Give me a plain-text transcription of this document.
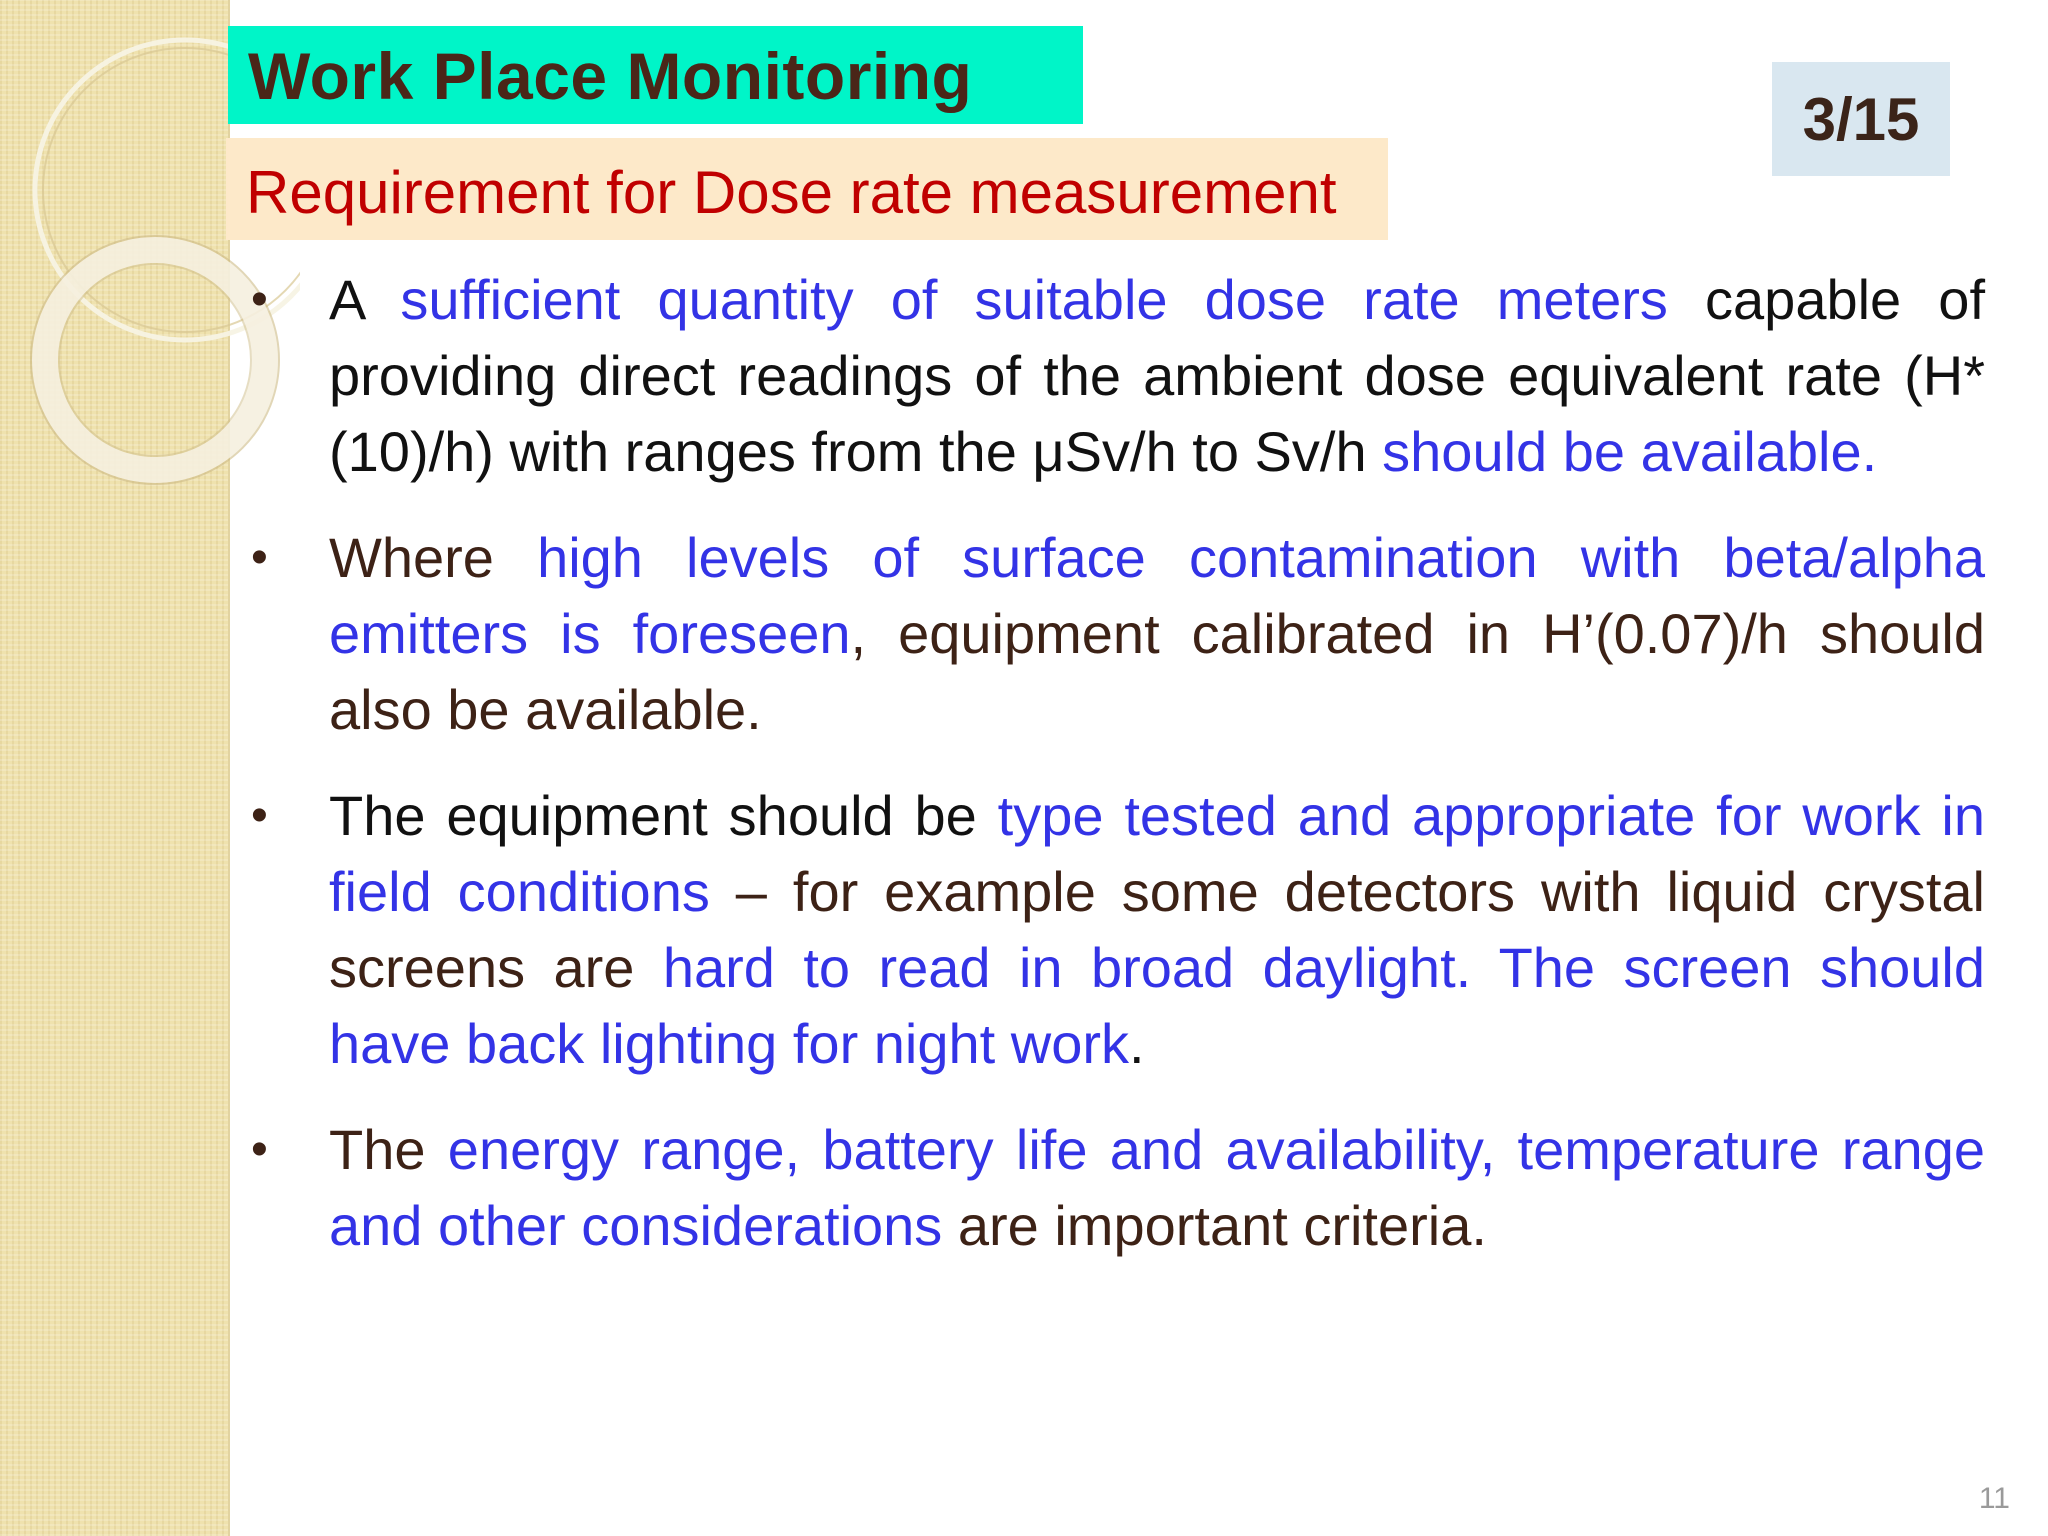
Work Place Monitoring
Requirement for Dose rate measurement
3/15
•	A sufficient quantity of suitable dose rate meters capable of providing direct readings of the ambient dose equivalent rate (H*(10)/h) with ranges from the μSv/h to Sv/h should be available.
•	Where high levels of surface contamination with beta/alpha emitters is foreseen, equipment calibrated in H’(0.07)/h should also be available.
•	The equipment should be type tested and appropriate for work in field conditions – for example some detectors with liquid crystal screens are hard to read in broad daylight. The screen should have back lighting for night work.
•	The energy range, battery life and availability, temperature range and other considerations are important criteria.
11
